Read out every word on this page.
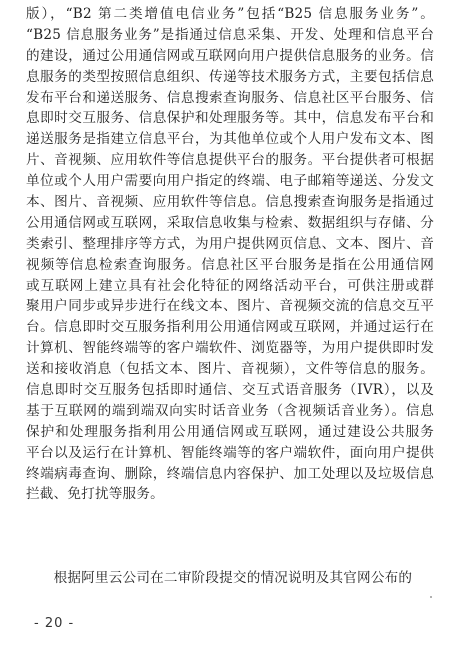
版），“B2 第二类增值电信业务”包括“B25 信息服务业务”。
“B25 信息服务业务”是指通过信息采集、开发、处理和信息平台
的建设，通过公用通信网或互联网向用户提供信息服务的业务。信
息服务的类型按照信息组织、传递等技术服务方式，主要包括信息
发布平台和递送服务、信息搜索查询服务、信息社区平台服务、信
息即时交互服务、信息保护和处理服务等。其中，信息发布平台和
递送服务是指建立信息平台，为其他单位或个人用户发布文本、图
片、音视频、应用软件等信息提供平台的服务。平台提供者可根据
单位或个人用户需要向用户指定的终端、电子邮箱等递送、分发文
本、图片、音视频、应用软件等信息。信息搜索查询服务是指通过
公用通信网或互联网，采取信息收集与检索、数据组织与存储、分
类索引、整理排序等方式，为用户提供网页信息、文本、图片、音
视频等信息检索查询服务。信息社区平台服务是指在公用通信网
或互联网上建立具有社会化特征的网络活动平台，可供注册或群
聚用户同步或异步进行在线文本、图片、音视频交流的信息交互平
台。信息即时交互服务指利用公用通信网或互联网，并通过运行在
计算机、智能终端等的客户端软件、浏览器等，为用户提供即时发
送和接收消息（包括文本、图片、音视频），文件等信息的服务。
信息即时交互服务包括即时通信、交互式语音服务（IVR），以及
基于互联网的端到端双向实时话音业务（含视频话音业务）。信息
保护和处理服务指利用公用通信网或互联网，通过建设公共服务
平台以及运行在计算机、智能终端等的客户端软件，面向用户提供
终端病毒查询、删除，终端信息内容保护、加工处理以及垃圾信息
拦截、免打扰等服务。
　　根据阿里云公司在二审阶段提交的情况说明及其官网公布的
- 20 -
